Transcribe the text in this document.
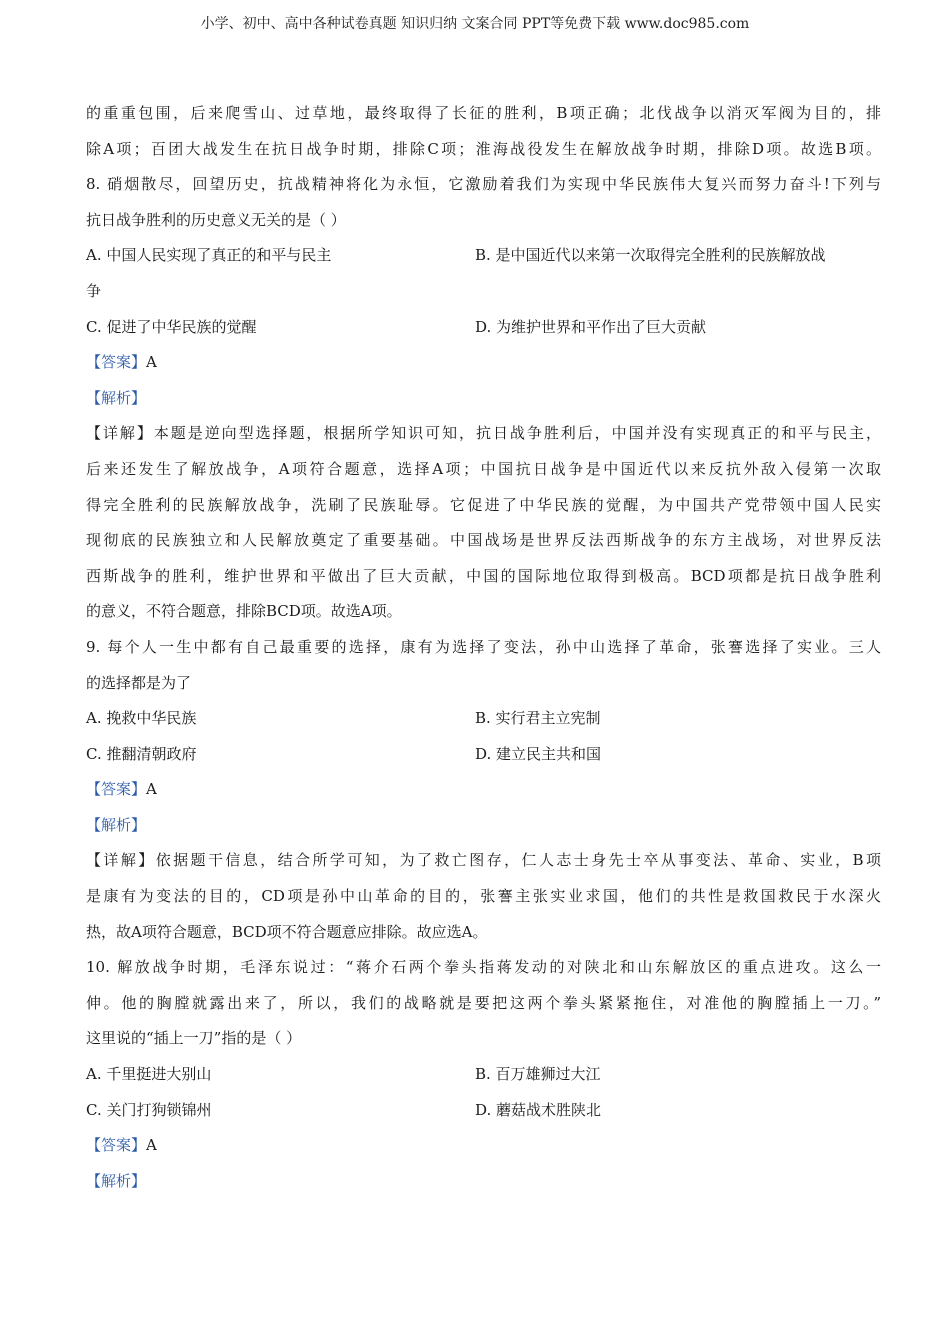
小学、初中、高中各种试卷真题 知识归纳 文案合同 PPT等免费下载 www.doc985.com
的重重包围，后来爬雪山、过草地，最终取得了长征的胜利，B项正确；北伐战争以消灭军阀为目的，排
除A项；百团大战发生在抗日战争时期，排除C项；淮海战役发生在解放战争时期，排除D项。故选B项。
8. 硝烟散尽，回望历史，抗战精神将化为永恒，它激励着我们为实现中华民族伟大复兴而努力奋斗!下列与
抗日战争胜利的历史意义无关的是（ ）
A. 中国人民实现了真正的和平与民主	B. 是中国近代以来第一次取得完全胜利的民族解放战
争
C. 促进了中华民族的觉醒	D. 为维护世界和平作出了巨大贡献
【答案】A
【解析】
【详解】本题是逆向型选择题，根据所学知识可知，抗日战争胜利后，中国并没有实现真正的和平与民主，
后来还发生了解放战争，A项符合题意，选择A项；中国抗日战争是中国近代以来反抗外敌入侵第一次取
得完全胜利的民族解放战争，洗刷了民族耻辱。它促进了中华民族的觉醒，为中国共产党带领中国人民实
现彻底的民族独立和人民解放奠定了重要基础。中国战场是世界反法西斯战争的东方主战场，对世界反法
西斯战争的胜利，维护世界和平做出了巨大贡献，中国的国际地位取得到极高。BCD项都是抗日战争胜利
的意义，不符合题意，排除BCD项。故选A项。
9. 每个人一生中都有自己最重要的选择，康有为选择了变法，孙中山选择了革命，张謇选择了实业。三人
的选择都是为了
A. 挽救中华民族	B. 实行君主立宪制
C. 推翻清朝政府	D. 建立民主共和国
【答案】A
【解析】
【详解】依据题干信息，结合所学可知，为了救亡图存，仁人志士身先士卒从事变法、革命、实业，B项
是康有为变法的目的，CD项是孙中山革命的目的，张謇主张实业求国，他们的共性是救国救民于水深火
热，故A项符合题意，BCD项不符合题意应排除。故应选A。
10. 解放战争时期，毛泽东说过：“蒋介石两个拳头指蒋发动的对陕北和山东解放区的重点进攻。这么一
伸。他的胸膛就露出来了，所以，我们的战略就是要把这两个拳头紧紧拖住，对准他的胸膛插上一刀。”
这里说的“插上一刀”指的是（ ）
A. 千里挺进大别山	B. 百万雄狮过大江
C. 关门打狗锁锦州	D. 蘑菇战术胜陕北
【答案】A
【解析】
